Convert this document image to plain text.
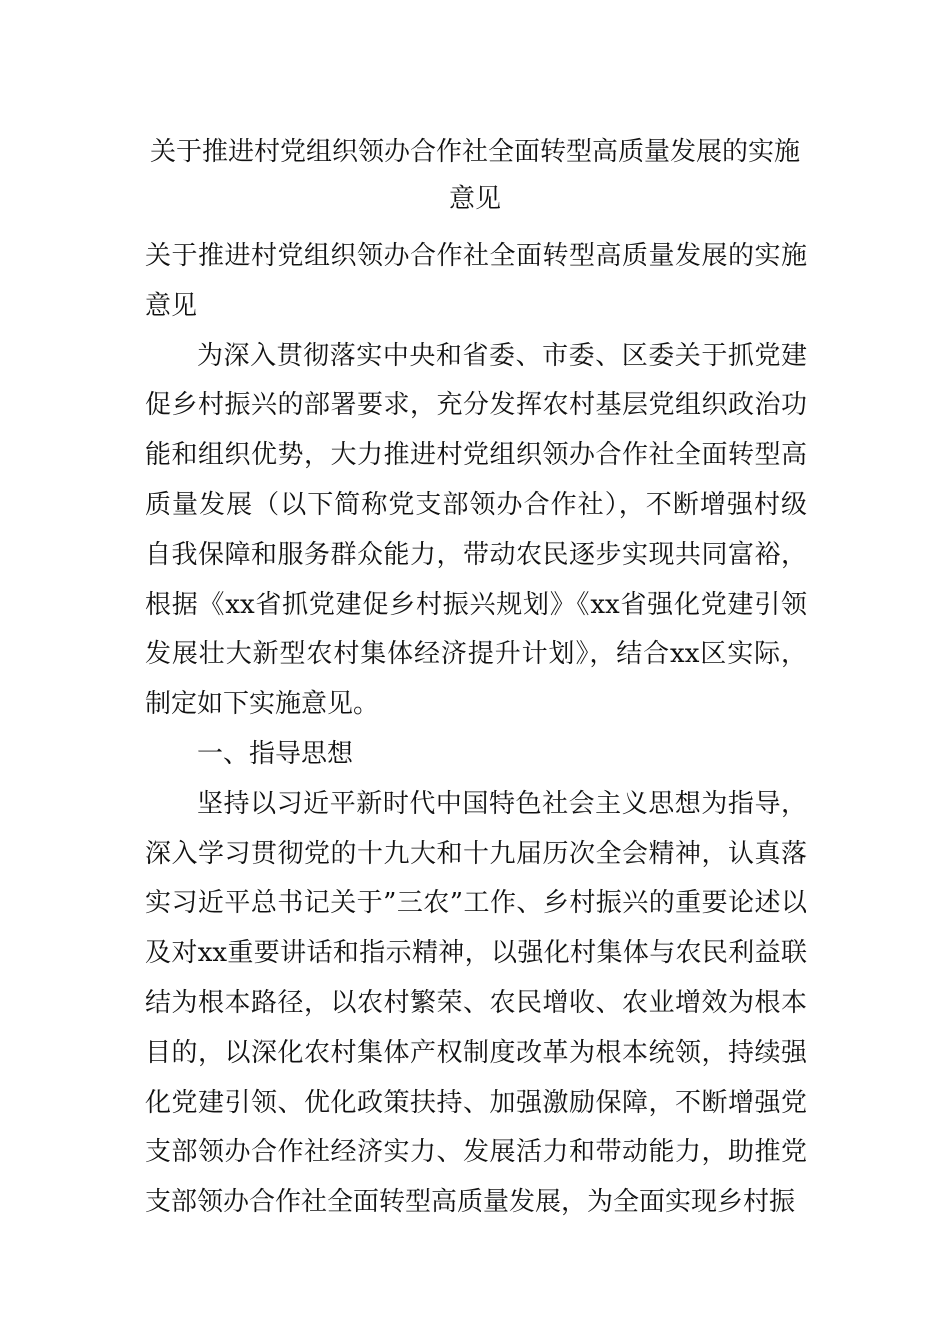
关于推进村党组织领办合作社全面转型高质量发展的实施
意见

关于推进村党组织领办合作社全面转型高质量发展的实施意见

为深入贯彻落实中央和省委、市委、区委关于抓党建促乡村振兴的部署要求，充分发挥农村基层党组织政治功能和组织优势，大力推进村党组织领办合作社全面转型高质量发展（以下简称党支部领办合作社），不断增强村级自我保障和服务群众能力，带动农民逐步实现共同富裕，根据《xx省抓党建促乡村振兴规划》《xx省强化党建引领发展壮大新型农村集体经济提升计划》，结合xx区实际，制定如下实施意见。

一、指导思想

坚持以习近平新时代中国特色社会主义思想为指导，深入学习贯彻党的十九大和十九届历次全会精神，认真落实习近平总书记关于”三农”工作、乡村振兴的重要论述以及对xx重要讲话和指示精神，以强化村集体与农民利益联结为根本路径，以农村繁荣、农民增收、农业增效为根本目的，以深化农村集体产权制度改革为根本统领，持续强化党建引领、优化政策扶持、加强激励保障，不断增强党支部领办合作社经济实力、发展活力和带动能力，助推党支部领办合作社全面转型高质量发展，为全面实现乡村振
